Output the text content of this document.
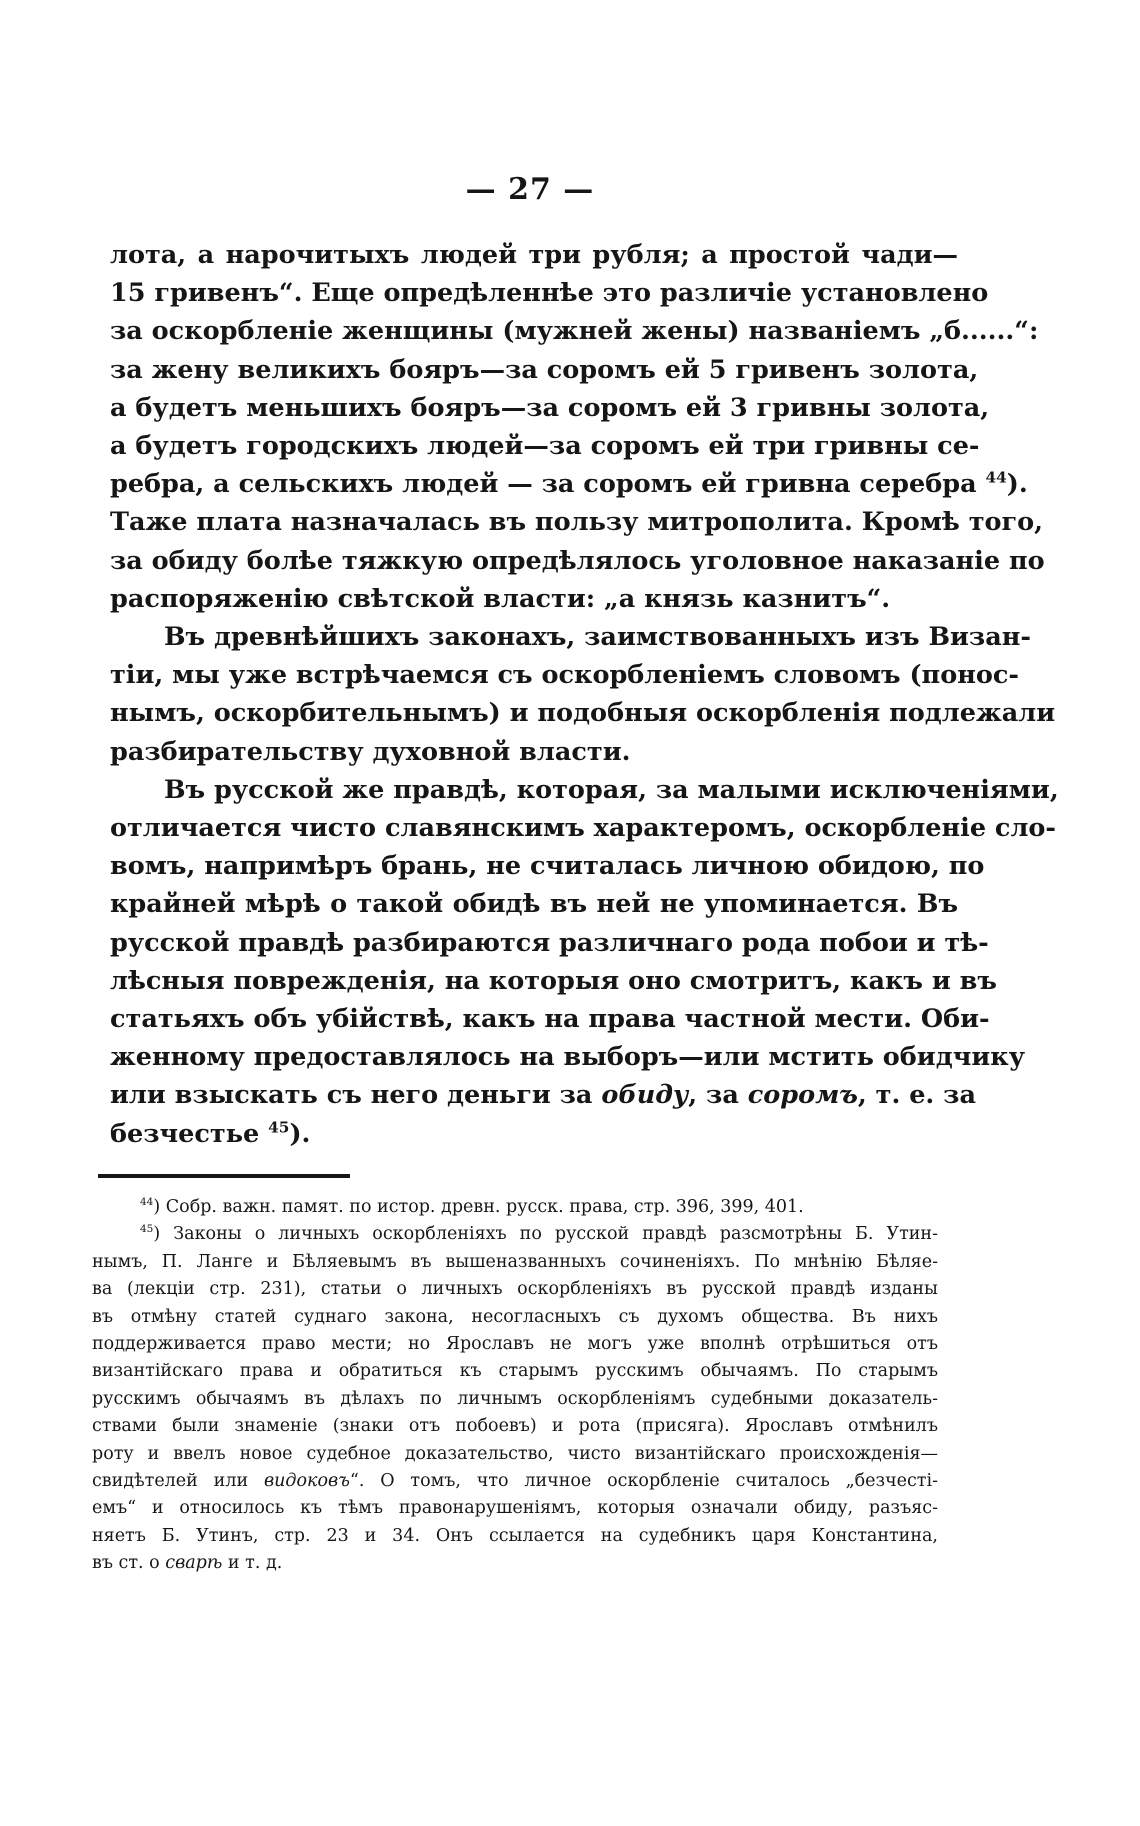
— 27 —
лота, а нарочитыхъ людей три рубля; а простой чади—
15 гривенъ“. Еще опредѣленнѣе это различіе установлено
за оскорбленіе женщины (мужней жены) названіемъ „б......“:
за жену великихъ бояръ—за соромъ ей 5 гривенъ золота,
а будетъ меньшихъ бояръ—за соромъ ей 3 гривны золота,
а будетъ городскихъ людей—за соромъ ей три гривны се-
ребра, а сельскихъ людей — за соромъ ей гривна серебра $^{44}$).
Таже плата назначалась въ пользу митрополита. Кромѣ того,
за обиду болѣе тяжкую опредѣлялось уголовное наказаніе по
распоряженію свѣтской власти: „а князь казнитъ“.
Въ древнѣйшихъ законахъ, заимствованныхъ изъ Визан-
тіи, мы уже встрѣчаемся съ оскорбленіемъ словомъ (понос-
нымъ, оскорбительнымъ) и подобныя оскорбленія подлежали
разбирательству духовной власти.
Въ русской же правдѣ, которая, за малыми исключеніями,
отличается чисто славянскимъ характеромъ, оскорбленіе сло-
вомъ, напримѣръ брань, не считалась личною обидою, по
крайней мѣрѣ о такой обидѣ въ ней не упоминается. Въ
русской правдѣ разбираются различнаго рода побои и тѣ-
лѣсныя поврежденія, на которыя оно смотритъ, какъ и въ
статьяхъ объ убійствѣ, какъ на права частной мести. Оби-
женному предоставлялось на выборъ—или мстить обидчику
или взыскать съ него деньги за обиду, за соромъ, т. е. за
безчестье $^{45}$).
$^{44}$) Собр. важн. памят. по истор. древн. русск. права, стр. 396, 399, 401.
$^{45}$) Законы о личныхъ оскорбленіяхъ по русской правдѣ разсмотрѣны Б. Утин-
нымъ, П. Ланге и Бѣляевымъ въ вышеназванныхъ сочиненіяхъ. По мнѣнію Бѣляе-
ва (лекціи стр. 231), статьи о личныхъ оскорбленіяхъ въ русской правдѣ изданы
въ отмѣну статей суднаго закона, несогласныхъ съ духомъ общества. Въ нихъ
поддерживается право мести; но Ярославъ не могъ уже вполнѣ отрѣшиться отъ
византійскаго права и обратиться къ старымъ русскимъ обычаямъ. По старымъ
русскимъ обычаямъ въ дѣлахъ по личнымъ оскорбленіямъ судебными доказатель-
ствами были знаменіе (знаки отъ побоевъ) и рота (присяга). Ярославъ отмѣнилъ
роту и ввелъ новое судебное доказательство, чисто византійскаго происхожденія—
свидѣтелей или видоковъ“. О томъ, что личное оскорбленіе считалось „безчестi-
емъ“ и относилось къ тѣмъ правонарушеніямъ, которыя означали обиду, разъяс-
няетъ Б. Утинъ, стр. 23 и 34. Онъ ссылается на судебникъ царя Константина,
въ ст. о сварѣ и т. д.
